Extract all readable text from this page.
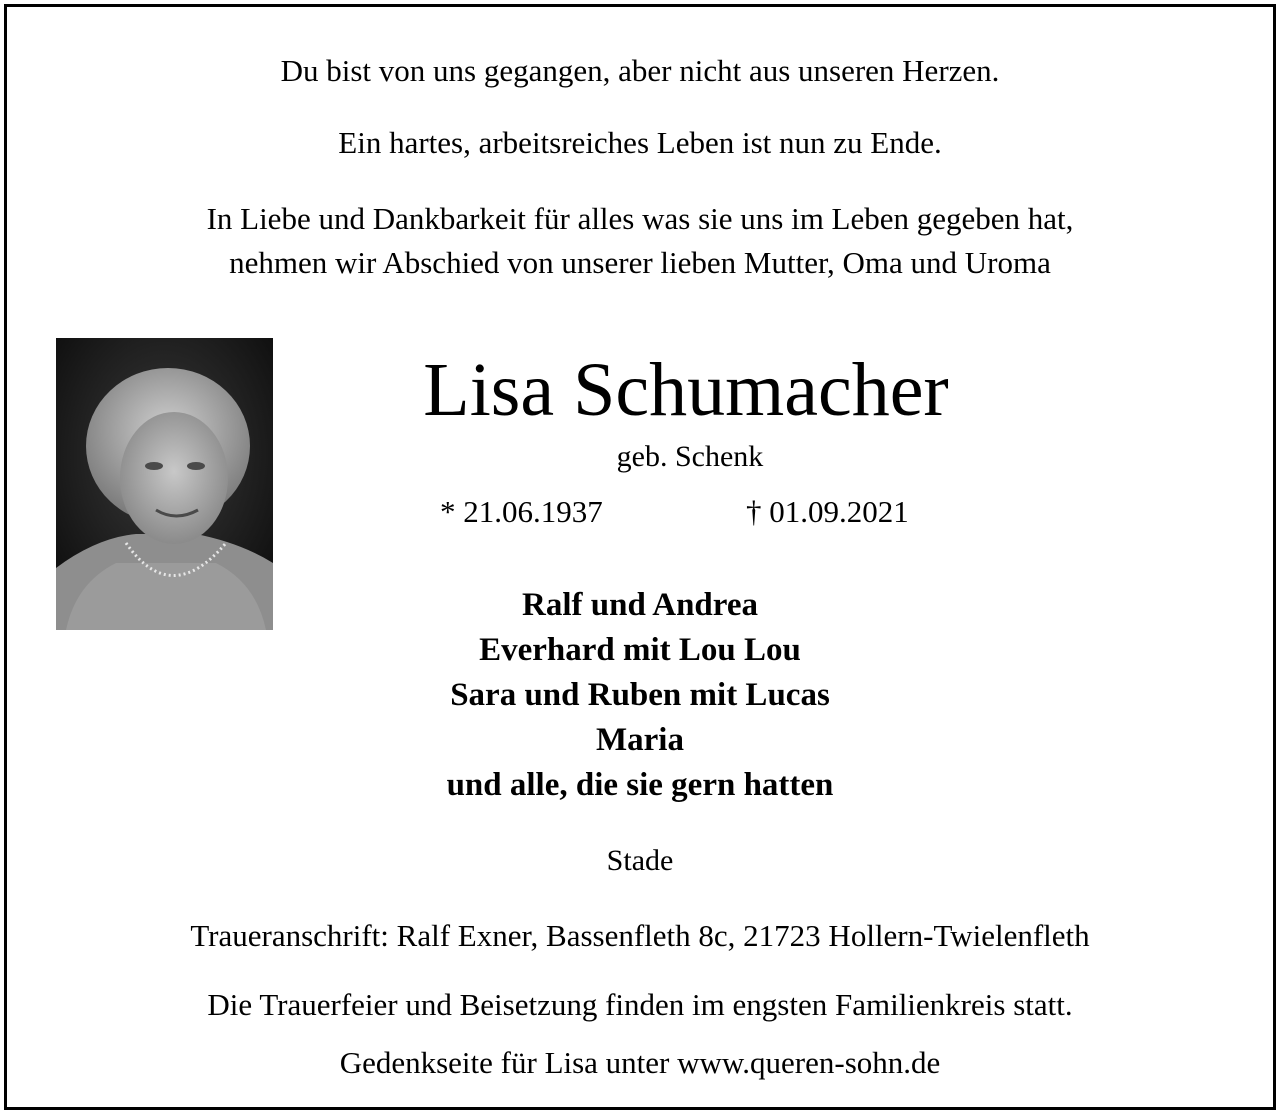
Du bist von uns gegangen, aber nicht aus unseren Herzen.
Ein hartes, arbeitsreiches Leben ist nun zu Ende.
In Liebe und Dankbarkeit für alles was sie uns im Leben gegeben hat,
nehmen wir Abschied von unserer lieben Mutter, Oma und Uroma
Lisa Schumacher
geb. Schenk
* 21.06.1937	† 01.09.2021
Ralf und Andrea
Everhard mit Lou Lou
Sara und Ruben mit Lucas
Maria
und alle, die sie gern hatten
Stade
Traueranschrift: Ralf Exner, Bassenfleth 8c, 21723 Hollern-Twielenfleth
Die Trauerfeier und Beisetzung finden im engsten Familienkreis statt.
Gedenkseite für Lisa unter www.queren-sohn.de
